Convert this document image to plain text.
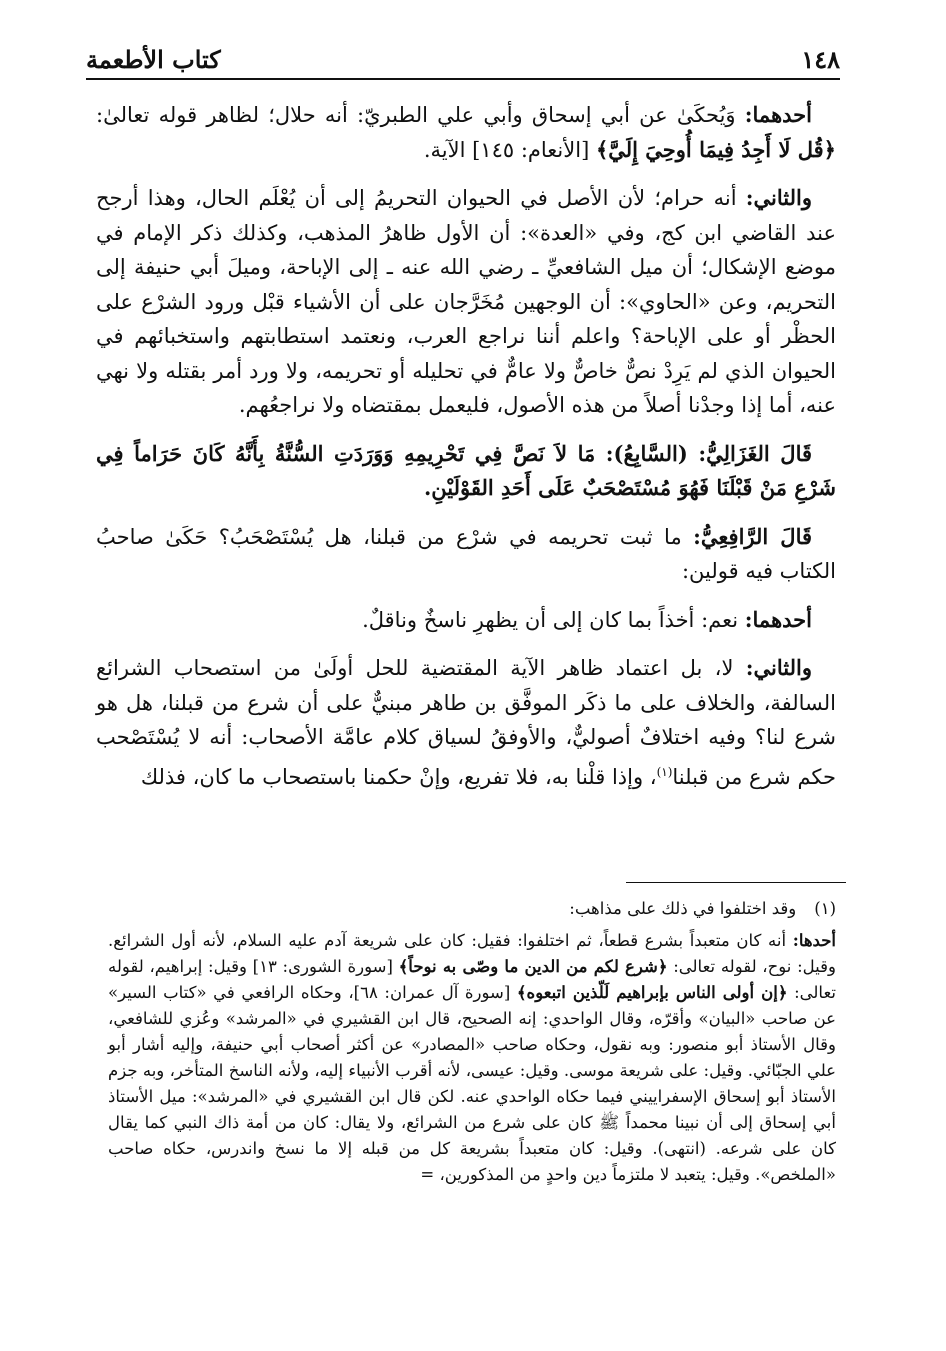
١٤٨
كتاب الأطعمة

أحدهما: وَيُحكَىٰ عن أبي إسحاق وأبي علي الطبريّ: أنه حلال؛ لظاهر قوله تعالىٰ: ﴿قُل لَا أَجِدُ فِيمَا أُوحِيَ إِلَيَّ﴾ [الأنعام: ١٤٥] الآية.

والثاني: أنه حرام؛ لأن الأصل في الحيوان التحريمُ إلى أن يُعْلَم الحال، وهذا أرجح عند القاضي ابن كج، وفي «العدة»: أن الأول ظاهرُ المذهب، وكذلك ذكر الإمام في موضع الإشكال؛ أن ميل الشافعيِّ ـ رضي الله عنه ـ إلى الإباحة، وميلَ أبي حنيفة إلى التحريم، وعن «الحاوي»: أن الوجهين مُخَرَّجان على أن الأشياء قبْل ورود الشرْع على الحظْر أو على الإباحة؟ واعلم أننا نراجع العرب، ونعتمد استطابتهم واستخبائهم في الحيوان الذي لم يَرِدْ نصٌّ خاصٌّ ولا عامٌّ في تحليله أو تحريمه، ولا ورد أمر بقتله ولا نهي عنه، أما إذا وجدْنا أصلاً من هذه الأصول، فليعمل بمقتضاه ولا نراجعُهم.

قَالَ الغَزَالِيُّ: (السَّابِعُ): مَا لاَ نَصَّ فِي تَحْرِيمِهِ وَوَرَدَتِ السُّنَّةُ بِأَنَّهُ كَانَ حَرَاماً فِي شَرْعِ مَنْ قَبْلَنَا فَهُوَ مُسْتَصْحَبٌ عَلَى أَحَدِ القَوْلَيْنِ.

قَالَ الرَّافِعِيُّ: ما ثبت تحريمه في شرْع من قبلنا، هل يُسْتَصْحَبُ؟ حَكَىٰ صاحبُ الكتاب فيه قولين:

أحدهما: نعم: أخذاً بما كان إلى أن يظهرِ ناسخٌ وناقلٌ.

والثاني: لا، بل اعتماد ظاهر الآية المقتضية للحل أولَىٰ من استصحاب الشرائع السالفة، والخلاف على ما ذكَر الموفَّق بن طاهر مبنيٌّ على أن شرع من قبلنا، هل هو شرع لنا؟ وفيه اختلافٌ أصوليٌّ، والأوفقُ لسياق كلام عامَّة الأصحاب: أنه لا يُسْتَصْحب حكم شرع من قبلنا$^{(١)}$، وإذا قلْنا به، فلا تفريع، وإنْ حكمنا باستصحاب ما كان، فذلك

(١)وقد اختلفوا في ذلك على مذاهب:

أحدها: أنه كان متعبداً بشرع قطعاً، ثم اختلفوا: فقيل: كان على شريعة آدم عليه السلام، لأنه أول الشرائع. وقيل: نوح، لقوله تعالى: ﴿شرع لكم من الدين ما وصّى به نوحاً﴾ [سورة الشورى: ١٣] وقيل: إبراهيم، لقوله تعالى: ﴿إن أولى الناس بإبراهيم لَلّذين اتبعوه﴾ [سورة آل عمران: ٦٨]، وحكاه الرافعي في «كتاب السير» عن صاحب «البيان» وأقرّه، وقال الواحدي: إنه الصحيح، قال ابن القشيري في «المرشد» وعُزي للشافعي، وقال الأستاذ أبو منصور: وبه نقول، وحكاه صاحب «المصادر» عن أكثر أصحاب أبي حنيفة، وإليه أشار أبو علي الجبّائي. وقيل: على شريعة موسى. وقيل: عيسى، لأنه أقرب الأنبياء إليه، ولأنه الناسخ المتأخر، وبه جزم الأستاذ أبو إسحاق الإسفراييني فيما حكاه الواحدي عنه. لكن قال ابن القشيري في «المرشد»: ميل الأستاذ أبي إسحاق إلى أن نبينا محمداً ﷺ كان على شرع من الشرائع، ولا يقال: كان من أمة ذاك النبي كما يقال كان على شرعه. (انتهى). وقيل: كان متعبداً بشريعة كل من قبله إلا ما نسخ واندرس، حكاه صاحب «الملخص». وقيل: يتعبد لا ملتزماً دين واحدٍ من المذكورين، =
